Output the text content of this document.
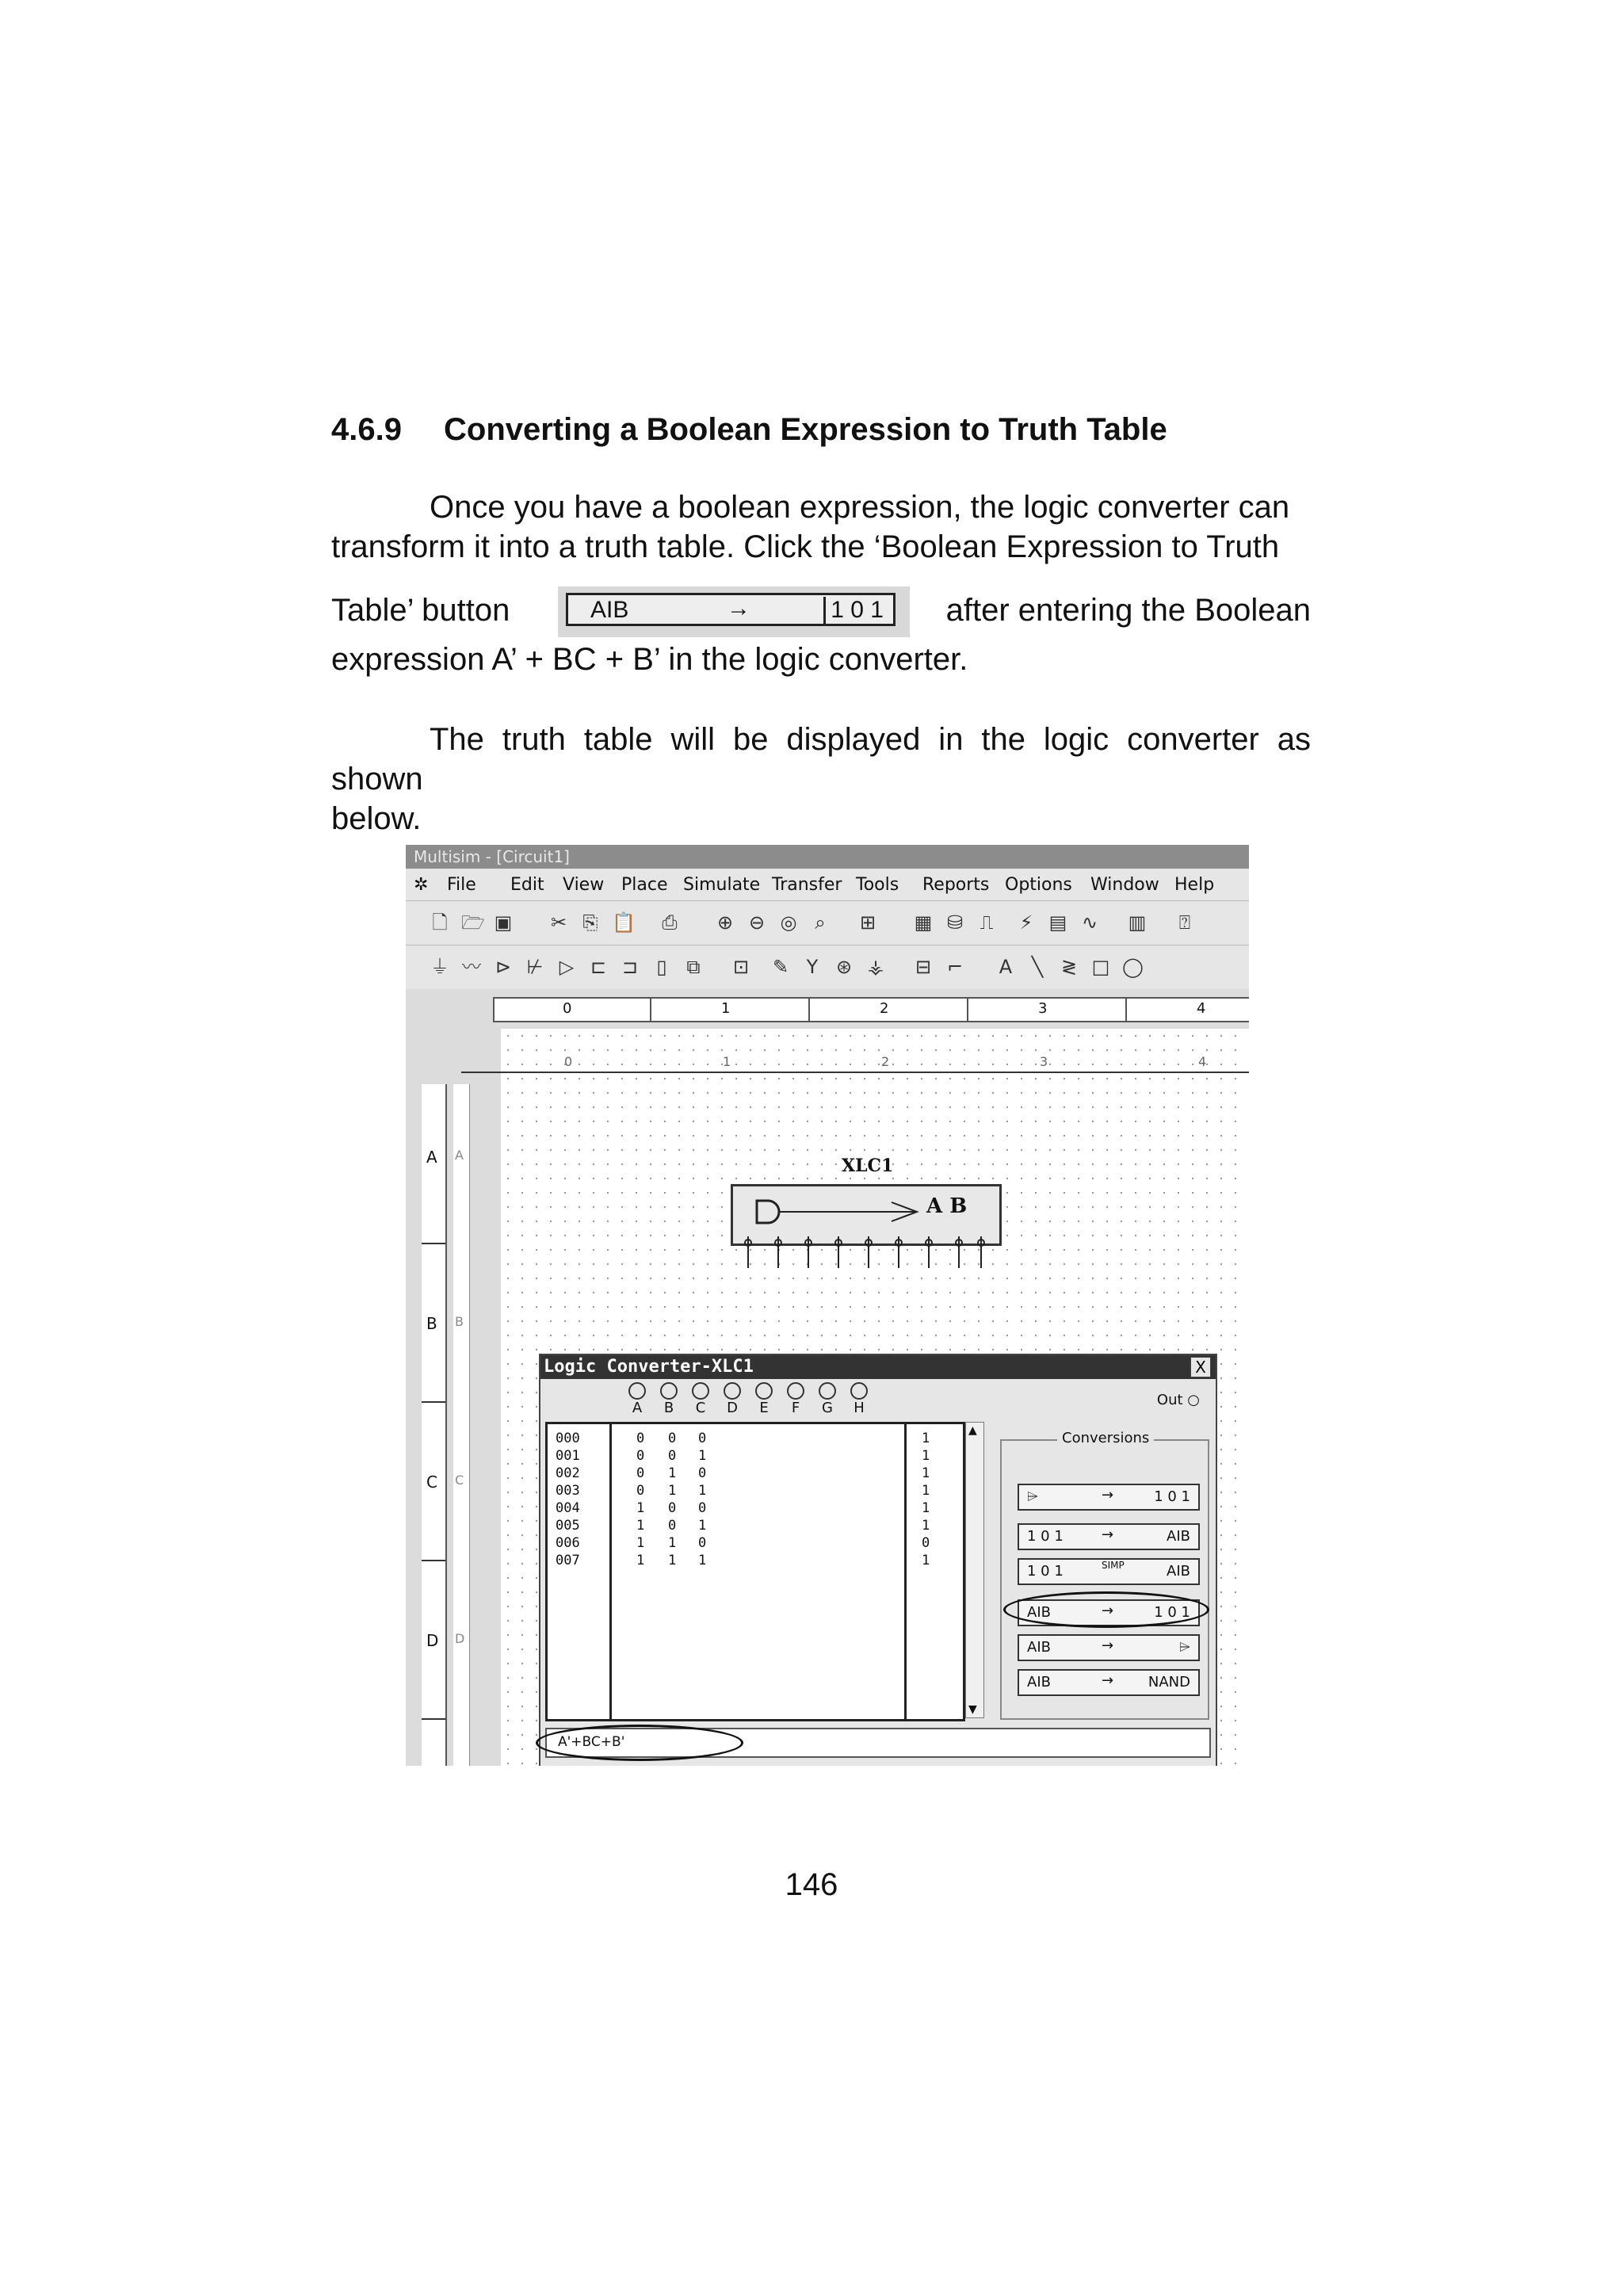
4.6.9 Converting a Boolean Expression to Truth Table
Once you have a boolean expression, the logic converter can
transform it into a truth table. Click the ‘Boolean Expression to Truth
Table’ button	AIB	→	1 0 1 after entering the Boolean
expression A’ + BC + B’ in the logic converter.
The truth table will be displayed in the logic converter as shown
below.
Multisim - [Circuit1]
✲ File Edit View Place Simulate Transfer Tools Reports Options Window Help
🗋 🗁 ▣ ✂ ⎘ 📋 ⎙ ⊕ ⊖ ◎ ⌕ ⊞ ▦ ⛁ ⎍ ⚡ ▤ ∿ ▥ ⍰
⏚ 〰 ⊳ ⊬ ▷ ⊏ ⊐ ▯ ⧉ ⊡ ✎ Y ⊛ ⚶ ⊟ ⌐ A ╲ ≷ □ ◯
0	1	2	3	4
0	1	2	3	4
A
B
C
D
A
B
C
D
XLC1
A B
Logic Converter-XLC1	X
A	B	C	D	E	F	G	H	Out ○
000	0 0 0	1
001	0 0 1	1
002	0 1 0	1
003	0 1 1	1
004	1 0 0	1
005	1 0 1	1
006	1 1 0	0
007	1 1 1	1
▲
▼
Conversions
⌲	→	1 0 1
1 0 1	→	AIB
1 0 1	SIMP	AIB
AIB	→	1 0 1
AIB	→	⌲
AIB	→ NAND
A'+BC+B'
146
